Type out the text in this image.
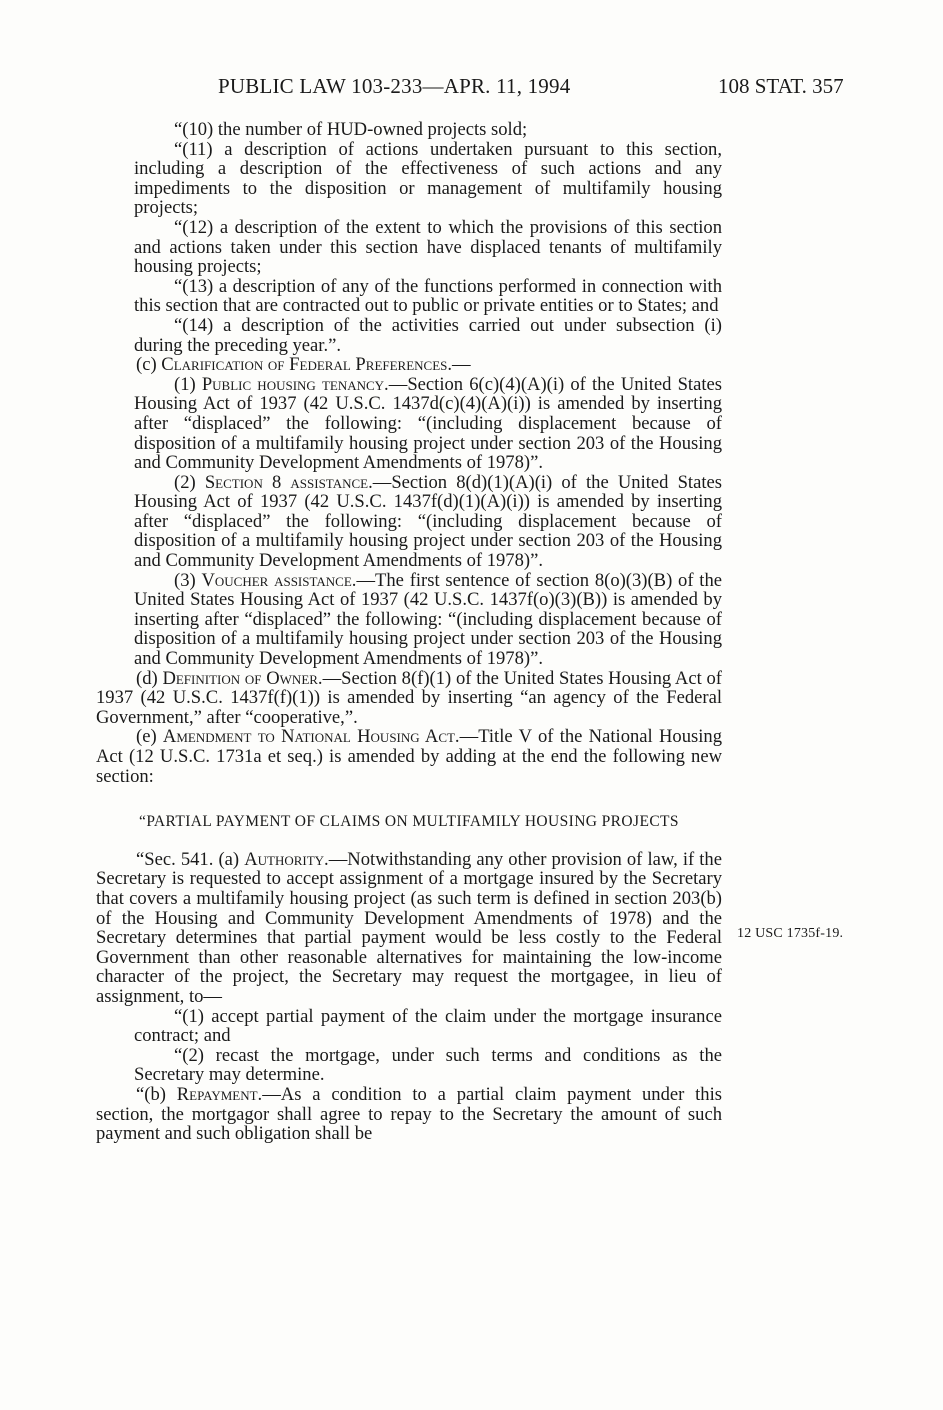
PUBLIC LAW 103-233—APR. 11, 1994	108 STAT. 357
12 USC 1735f-19.

“(10) the number of HUD-owned projects sold;

“(11) a description of actions undertaken pursuant to this section, including a description of the effectiveness of such actions and any impediments to the disposition or management of multifamily housing projects;

“(12) a description of the extent to which the provisions of this section and actions taken under this section have displaced tenants of multifamily housing projects;

“(13) a description of any of the functions performed in connection with this section that are contracted out to public or private entities or to States; and

“(14) a description of the activities carried out under subsection (i) during the preceding year.”.

(c) Clarification of Federal Preferences.—

(1) Public housing tenancy.—Section 6(c)(4)(A)(i) of the United States Housing Act of 1937 (42 U.S.C. 1437d(c)(4)(A)(i)) is amended by inserting after “displaced” the following: “(including displacement because of disposition of a multifamily housing project under section 203 of the Housing and Community Development Amendments of 1978)”.

(2) Section 8 assistance.—Section 8(d)(1)(A)(i) of the United States Housing Act of 1937 (42 U.S.C. 1437f(d)(1)(A)(i)) is amended by inserting after “displaced” the following: “(including displacement because of disposition of a multifamily housing project under section 203 of the Housing and Community Development Amendments of 1978)”.

(3) Voucher assistance.—The first sentence of section 8(o)(3)(B) of the United States Housing Act of 1937 (42 U.S.C. 1437f(o)(3)(B)) is amended by inserting after “displaced” the following: “(including displacement because of disposition of a multifamily housing project under section 203 of the Housing and Community Development Amendments of 1978)”.

(d) Definition of Owner.—Section 8(f)(1) of the United States Housing Act of 1937 (42 U.S.C. 1437f(f)(1)) is amended by inserting “an agency of the Federal Government,” after “cooperative,”.

(e) Amendment to National Housing Act.—Title V of the National Housing Act (12 U.S.C. 1731a et seq.) is amended by adding at the end the following new section:

“PARTIAL PAYMENT OF CLAIMS ON MULTIFAMILY HOUSING PROJECTS

“Sec. 541. (a) Authority.—Notwithstanding any other provision of law, if the Secretary is requested to accept assignment of a mortgage insured by the Secretary that covers a multifamily housing project (as such term is defined in section 203(b) of the Housing and Community Development Amendments of 1978) and the Secretary determines that partial payment would be less costly to the Federal Government than other reasonable alternatives for maintaining the low-income character of the project, the Secretary may request the mortgagee, in lieu of assignment, to—

“(1) accept partial payment of the claim under the mortgage insurance contract; and

“(2) recast the mortgage, under such terms and conditions as the Secretary may determine.

“(b) Repayment.—As a condition to a partial claim payment under this section, the mortgagor shall agree to repay to the Secretary the amount of such payment and such obligation shall be
